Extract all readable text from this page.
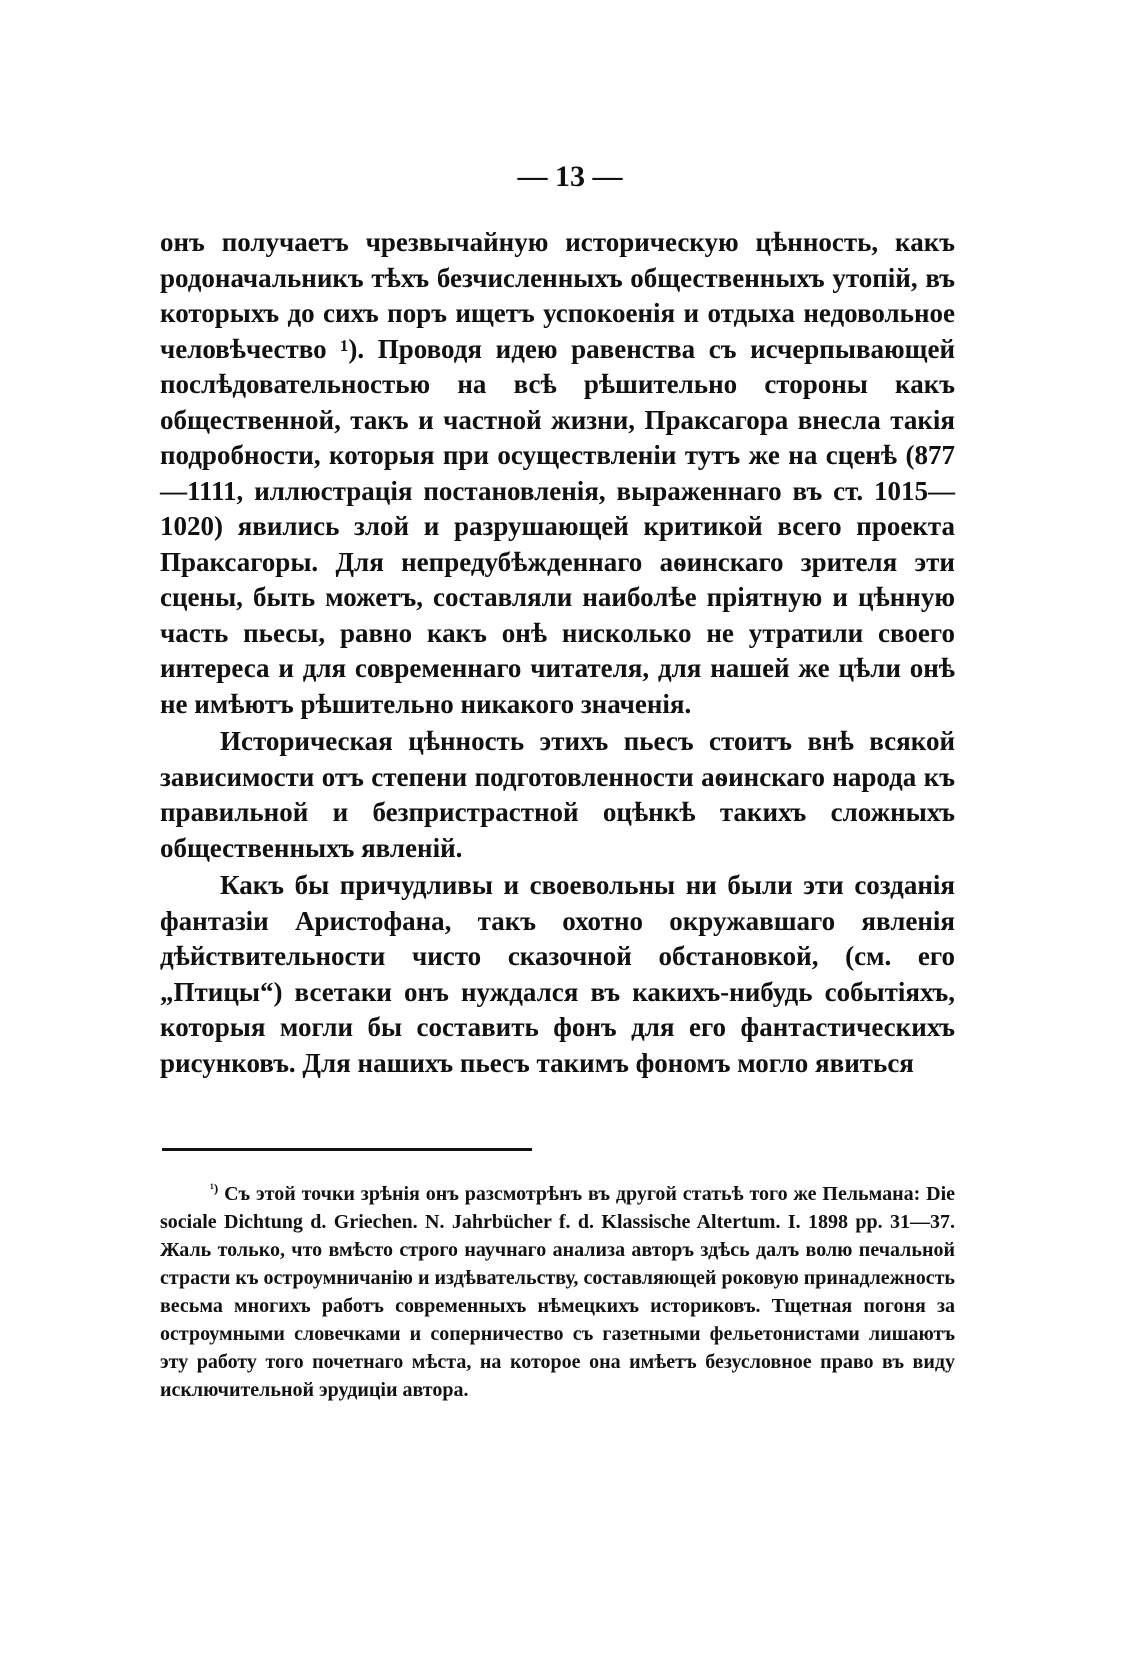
— 13 —

онъ получаетъ чрезвычайную историческую цѣнность, какъ родоначальникъ тѣхъ безчисленныхъ общественныхъ утопій, въ которыхъ до сихъ поръ ищетъ успокоенія и отдыха недовольное человѣчество ¹). Проводя идею равенства съ исчерпывающей послѣдовательностью на всѣ рѣшительно стороны какъ общественной, такъ и частной жизни, Праксагора внесла такія подробности, которыя при осуществленіи тутъ же на сценѣ (877—1111, иллюстрація постановленія, выраженнаго въ ст. 1015—1020) явились злой и разрушающей критикой всего проекта Праксагоры. Для непредубѣжденнаго аѳинскаго зрителя эти сцены, быть можетъ, составляли наиболѣе пріятную и цѣнную часть пьесы, равно какъ онѣ нисколько не утратили своего интереса и для современнаго читателя, для нашей же цѣли онѣ не имѣютъ рѣшительно никакого значенія.

Историческая цѣнность этихъ пьесъ стоитъ внѣ всякой зависимости отъ степени подготовленности аѳинскаго народа къ правильной и безпристрастной оцѣнкѣ такихъ сложныхъ общественныхъ явленій.

Какъ бы причудливы и своевольны ни были эти созданія фантазіи Аристофана, такъ охотно окружавшаго явленія дѣйствительности чисто сказочной обстановкой, (см. его „Птицы“) всетаки онъ нуждался въ какихъ-нибудь событіяхъ, которыя могли бы составить фонъ для его фантастическихъ рисунковъ. Для нашихъ пьесъ такимъ фономъ могло явиться

$^{^1)}$ Съ этой точки зрѣнія онъ разсмотрѣнъ въ другой статьѣ того же Пельмана: Die sociale Dichtung d. Griechen. N. Jahrbücher f. d. Klassische Altertum. I. 1898 pp. 31—37. Жаль только, что вмѣсто строго научнаго анализа авторъ здѣсь далъ волю печальной страсти къ остроумничанію и издѣвательству, составляющей роковую принадлежность весьма многихъ работъ современныхъ нѣмецкихъ историковъ. Тщетная погоня за остроумными словечками и соперничество съ газетными фельетонистами лишаютъ эту работу того почетнаго мѣста, на которое она имѣетъ безусловное право въ виду исключительной эрудиціи автора.
